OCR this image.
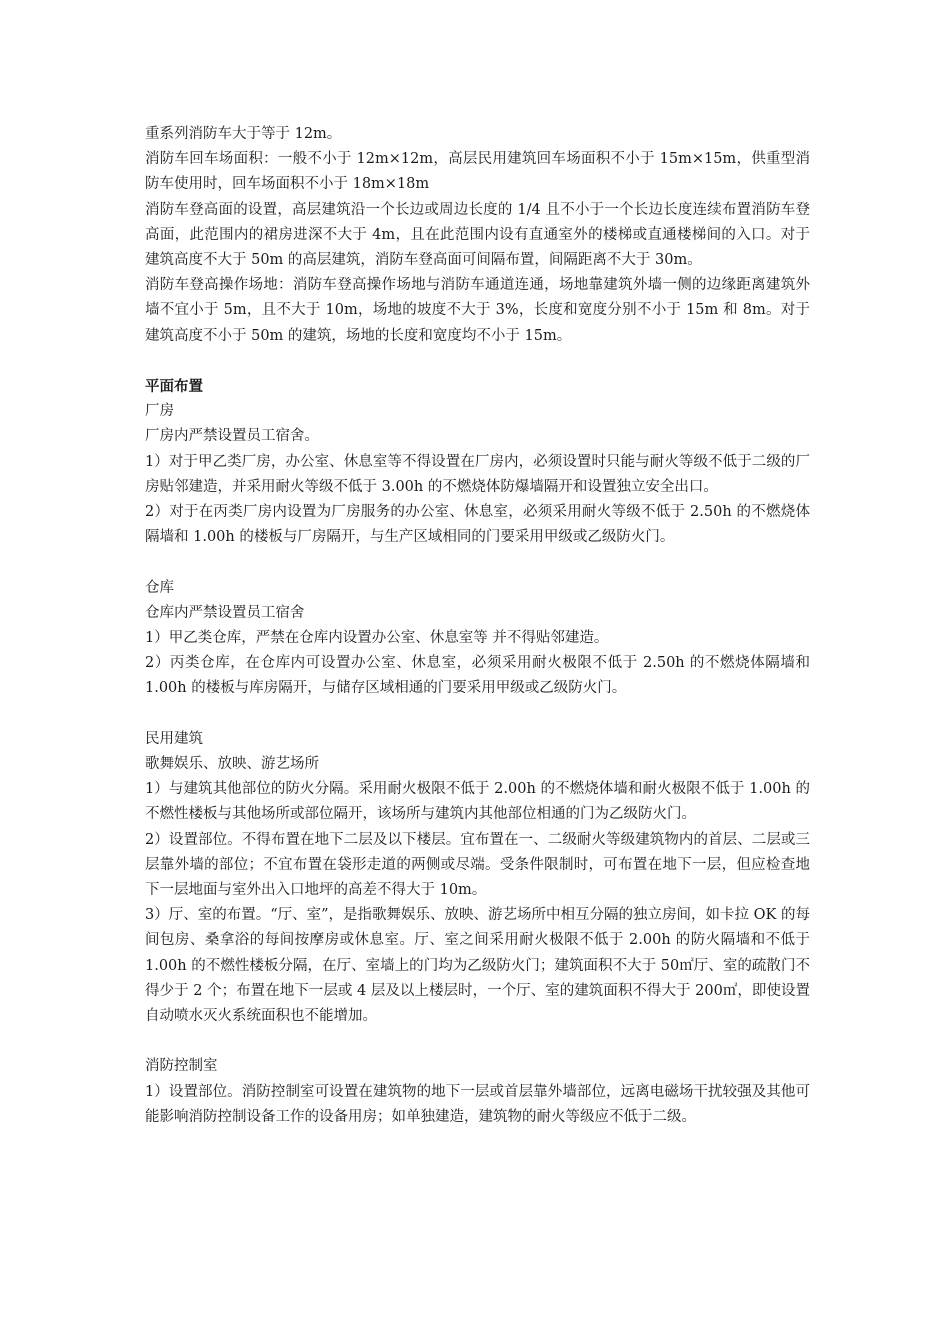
重系列消防车大于等于 12m。

消防车回车场面积：一般不小于 12m×12m，高层民用建筑回车场面积不小于 15m×15m，供重型消防车使用时，回车场面积不小于 18m×18m

消防车登高面的设置，高层建筑沿一个长边或周边长度的 1/4 且不小于一个长边长度连续布置消防车登高面，此范围内的裙房进深不大于 4m，且在此范围内设有直通室外的楼梯或直通楼梯间的入口。对于建筑高度不大于 50m 的高层建筑，消防车登高面可间隔布置，间隔距离不大于 30m。

消防车登高操作场地：消防车登高操作场地与消防车通道连通，场地靠建筑外墙一侧的边缘距离建筑外墙不宜小于 5m，且不大于 10m，场地的坡度不大于 3%，长度和宽度分别不小于 15m 和 8m。对于建筑高度不小于 50m 的建筑，场地的长度和宽度均不小于 15m。

平面布置

厂房

厂房内严禁设置员工宿舍。

1）对于甲乙类厂房，办公室、休息室等不得设置在厂房内，必须设置时只能与耐火等级不低于二级的厂房贴邻建造，并采用耐火等级不低于 3.00h 的不燃烧体防爆墙隔开和设置独立安全出口。

2）对于在丙类厂房内设置为厂房服务的办公室、休息室，必须采用耐火等级不低于 2.50h 的不燃烧体隔墙和 1.00h 的楼板与厂房隔开，与生产区域相同的门要采用甲级或乙级防火门。

仓库

仓库内严禁设置员工宿舍

1）甲乙类仓库，严禁在仓库内设置办公室、休息室等 并不得贴邻建造。

2）丙类仓库，在仓库内可设置办公室、休息室，必须采用耐火极限不低于 2.50h 的不燃烧体隔墙和 1.00h 的楼板与库房隔开，与储存区域相通的门要采用甲级或乙级防火门。

民用建筑

歌舞娱乐、放映、游艺场所

1）与建筑其他部位的防火分隔。采用耐火极限不低于 2.00h 的不燃烧体墙和耐火极限不低于 1.00h 的不燃性楼板与其他场所或部位隔开，该场所与建筑内其他部位相通的门为乙级防火门。

2）设置部位。不得布置在地下二层及以下楼层。宜布置在一、二级耐火等级建筑物内的首层、二层或三层靠外墙的部位；不宜布置在袋形走道的两侧或尽端。受条件限制时，可布置在地下一层，但应检查地下一层地面与室外出入口地坪的高差不得大于 10m。

3）厅、室的布置。“厅、室”，是指歌舞娱乐、放映、游艺场所中相互分隔的独立房间，如卡拉 OK 的每间包房、桑拿浴的每间按摩房或休息室。厅、室之间采用耐火极限不低于 2.00h 的防火隔墙和不低于 1.00h 的不燃性楼板分隔，在厅、室墙上的门均为乙级防火门；建筑面积不大于 50㎡厅、室的疏散门不得少于 2 个；布置在地下一层或 4 层及以上楼层时，一个厅、室的建筑面积不得大于 200㎡，即使设置自动喷水灭火系统面积也不能增加。

消防控制室

1）设置部位。消防控制室可设置在建筑物的地下一层或首层靠外墙部位，远离电磁场干扰较强及其他可能影响消防控制设备工作的设备用房；如单独建造，建筑物的耐火等级应不低于二级。
